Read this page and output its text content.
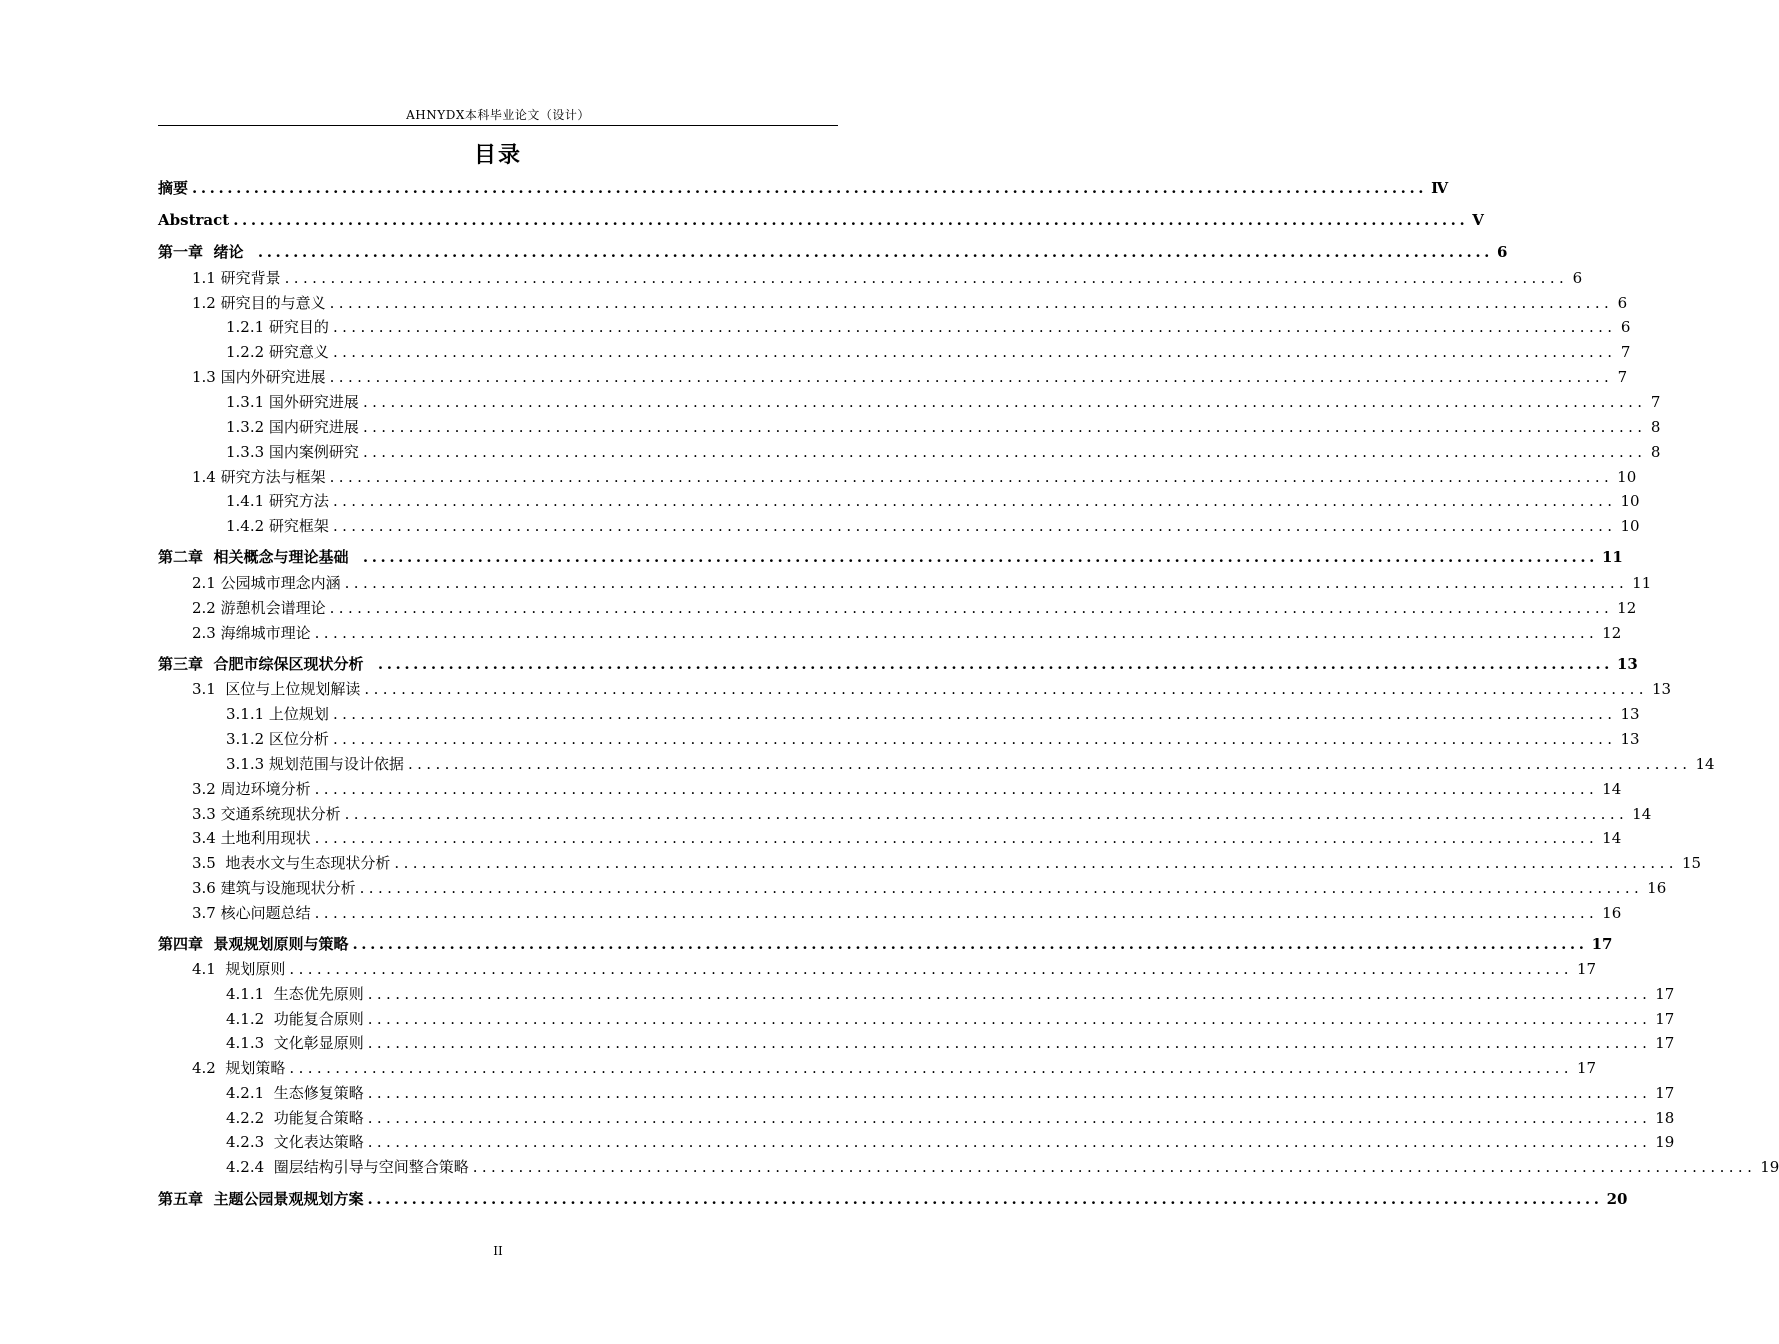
AHNYDX本科毕业论文（设计）
目录
摘要 ............................................................................................................................................ Ⅳ
Abstract ............................................................................................................................................ Ⅴ
第一章  绪论 ............................................................................................................................................ 6
1.1 研究背景 ............................................................................................................................................ 6
1.2 研究目的与意义 ............................................................................................................................................ 6
1.2.1 研究目的 ............................................................................................................................................ 6
1.2.2 研究意义 ............................................................................................................................................ 7
1.3 国内外研究进展 ............................................................................................................................................ 7
1.3.1 国外研究进展 ............................................................................................................................................ 7
1.3.2 国内研究进展 ............................................................................................................................................ 8
1.3.3 国内案例研究 ............................................................................................................................................ 8
1.4 研究方法与框架 ............................................................................................................................................ 10
1.4.1 研究方法 ............................................................................................................................................ 10
1.4.2 研究框架 ............................................................................................................................................ 10
第二章  相关概念与理论基础 ............................................................................................................................................ 11
2.1 公园城市理念内涵 ............................................................................................................................................ 11
2.2 游憩机会谱理论 ............................................................................................................................................ 12
2.3 海绵城市理论 ............................................................................................................................................ 12
第三章  合肥市综保区现状分析 ............................................................................................................................................ 13
3.1  区位与上位规划解读 ............................................................................................................................................ 13
3.1.1 上位规划 ............................................................................................................................................ 13
3.1.2 区位分析 ............................................................................................................................................ 13
3.1.3 规划范围与设计依据 ............................................................................................................................................ 14
3.2 周边环境分析 ............................................................................................................................................ 14
3.3 交通系统现状分析 ............................................................................................................................................ 14
3.4 土地利用现状 ............................................................................................................................................ 14
3.5  地表水文与生态现状分析 ............................................................................................................................................ 15
3.6 建筑与设施现状分析 ............................................................................................................................................ 16
3.7 核心问题总结 ............................................................................................................................................ 16
第四章  景观规划原则与策略 ............................................................................................................................................ 17
4.1  规划原则 ............................................................................................................................................ 17
4.1.1  生态优先原则 ............................................................................................................................................ 17
4.1.2  功能复合原则 ............................................................................................................................................ 17
4.1.3  文化彰显原则 ............................................................................................................................................ 17
4.2  规划策略 ............................................................................................................................................ 17
4.2.1  生态修复策略 ............................................................................................................................................ 17
4.2.2  功能复合策略 ............................................................................................................................................ 18
4.2.3  文化表达策略 ............................................................................................................................................ 19
4.2.4  圈层结构引导与空间整合策略 ............................................................................................................................................ 19
第五章  主题公园景观规划方案 ............................................................................................................................................ 20
II
